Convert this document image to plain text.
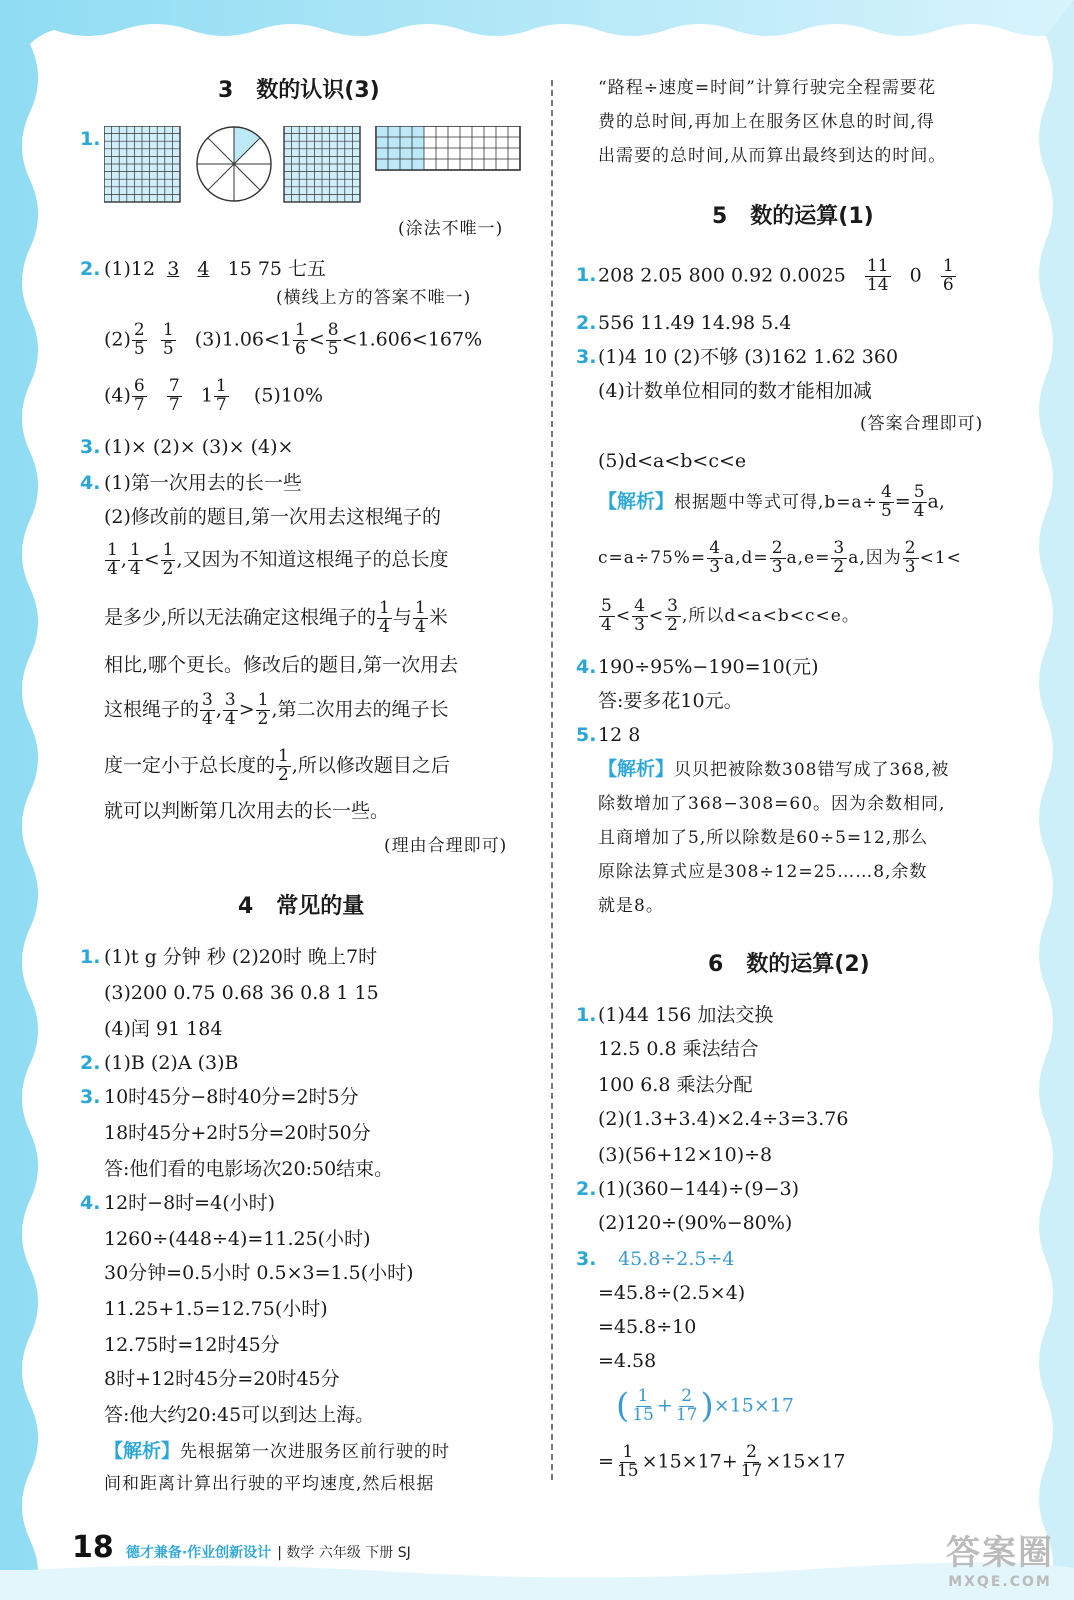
3 数的认识(3)
1.
(涂法不唯一)
2. (1)12 3 4 15 75 七五
(横线上方的答案不唯一)
$(2) \frac{2}{5}$
$\frac{1}{5} (3)1.06<1 \frac{1}{6} < \frac{8}{5} <1.606<167\%$
$(4) \frac{6}{7}$
$\frac{7}{7} 1 \frac{1}{7} (5)10\%$
3. (1)× (2)× (3)× (4)×
4. (1)第一次用去的长一些
(2)修改前的题目,第一次用去这根绳子的
$\frac{1}{4}$ , $\frac{1}{4} < \frac{1}{2}$ ,又因为不知道这根绳子的总长度
是多少,所以无法确定这根绳子的 $\frac{1}{4}$ 与 $\frac{1}{4}$ 米
相比,哪个更长。修改后的题目,第一次用去
这根绳子的 $\frac{3}{4}$ , $\frac{3}{4} > \frac{1}{2}$ ,第二次用去的绳子长
度一定小于总长度的 $\frac{1}{2}$ ,所以修改题目之后
就可以判断第几次用去的长一些。
(理由合理即可)
4 常见的量
1. (1)t g 分钟 秒 (2)20时 晚上7时
(3)200 0.75 0.68 36 0.8 1 15
(4)闰 91 184
2. (1)B (2)A (3)B
3. 10时45分−8时40分=2时5分
18时45分+2时5分=20时50分
答:他们看的电影场次20:50结束。
4. 12时−8时=4(小时)
1260÷(448÷4)=11.25(小时)
30分钟=0.5小时 0.5×3=1.5(小时)
11.25+1.5=12.75(小时)
12.75时=12时45分
8时+12时45分=20时45分
答:他大约20:45可以到达上海。
【解析】先根据第一次进服务区前行驶的时
间和距离计算出行驶的平均速度,然后根据
“路程÷速度=时间”计算行驶完全程需要花
费的总时间,再加上在服务区休息的时间,得
出需要的总时间,从而算出最终到达的时间。
5 数的运算(1)
1. 208 2.05 800 0.92 $0.0025 \frac{11}{14} 0 \frac{1}{6}$
2. 556 11.49 14.98 5.4
3. (1)4 10 (2)不够 (3)162 1.62 360
(4)计数单位相同的数才能相加减
(答案合理即可)
(5)d<a<b<c<e
【解析】根据题中等式可得$,b=a\div \frac{4}{5} = \frac{5}{4} a$,
$c=a\div 75\%= \frac{4}{3} a,d= \frac{2}{3} a,e= \frac{3}{2} a$,因为 $\frac{2}{3} <1<$
$\frac{5}{4} < \frac{4}{3} < \frac{3}{2}$ ,所以d<a<b<c<e。
4. 190÷95%−190=10(元)
答:要多花10元。
5. 12 8
【解析】贝贝把被除数308错写成了368,被
除数增加了368−308=60。因为余数相同,
且商增加了5,所以除数是60÷5=12,那么
原除法算式应是308÷12=25……8,余数
就是8。
6 数的运算(2)
1. (1)44 156 加法交换
12.5 0.8 乘法结合
100 6.8 乘法分配
(2)(1.3+3.4)×2.4÷3=3.76
(3)(56+12×10)÷8
2. (1)(360−144)÷(9−3)
(2)120÷(90%−80%)
3. 45.8÷2.5÷4
=45.8÷(2.5×4)
=45.8÷10
=4.58
( $\frac{1}{15} + \frac{2}{17} )\times 15\times 17$
= $\frac{1}{15} \times 15\times 17+ \frac{2}{17} \times 15\times 17$
18 德才兼备·作业创新设计 | 数学 六年级 下册 SJ	答案圈
MXQE.COM
